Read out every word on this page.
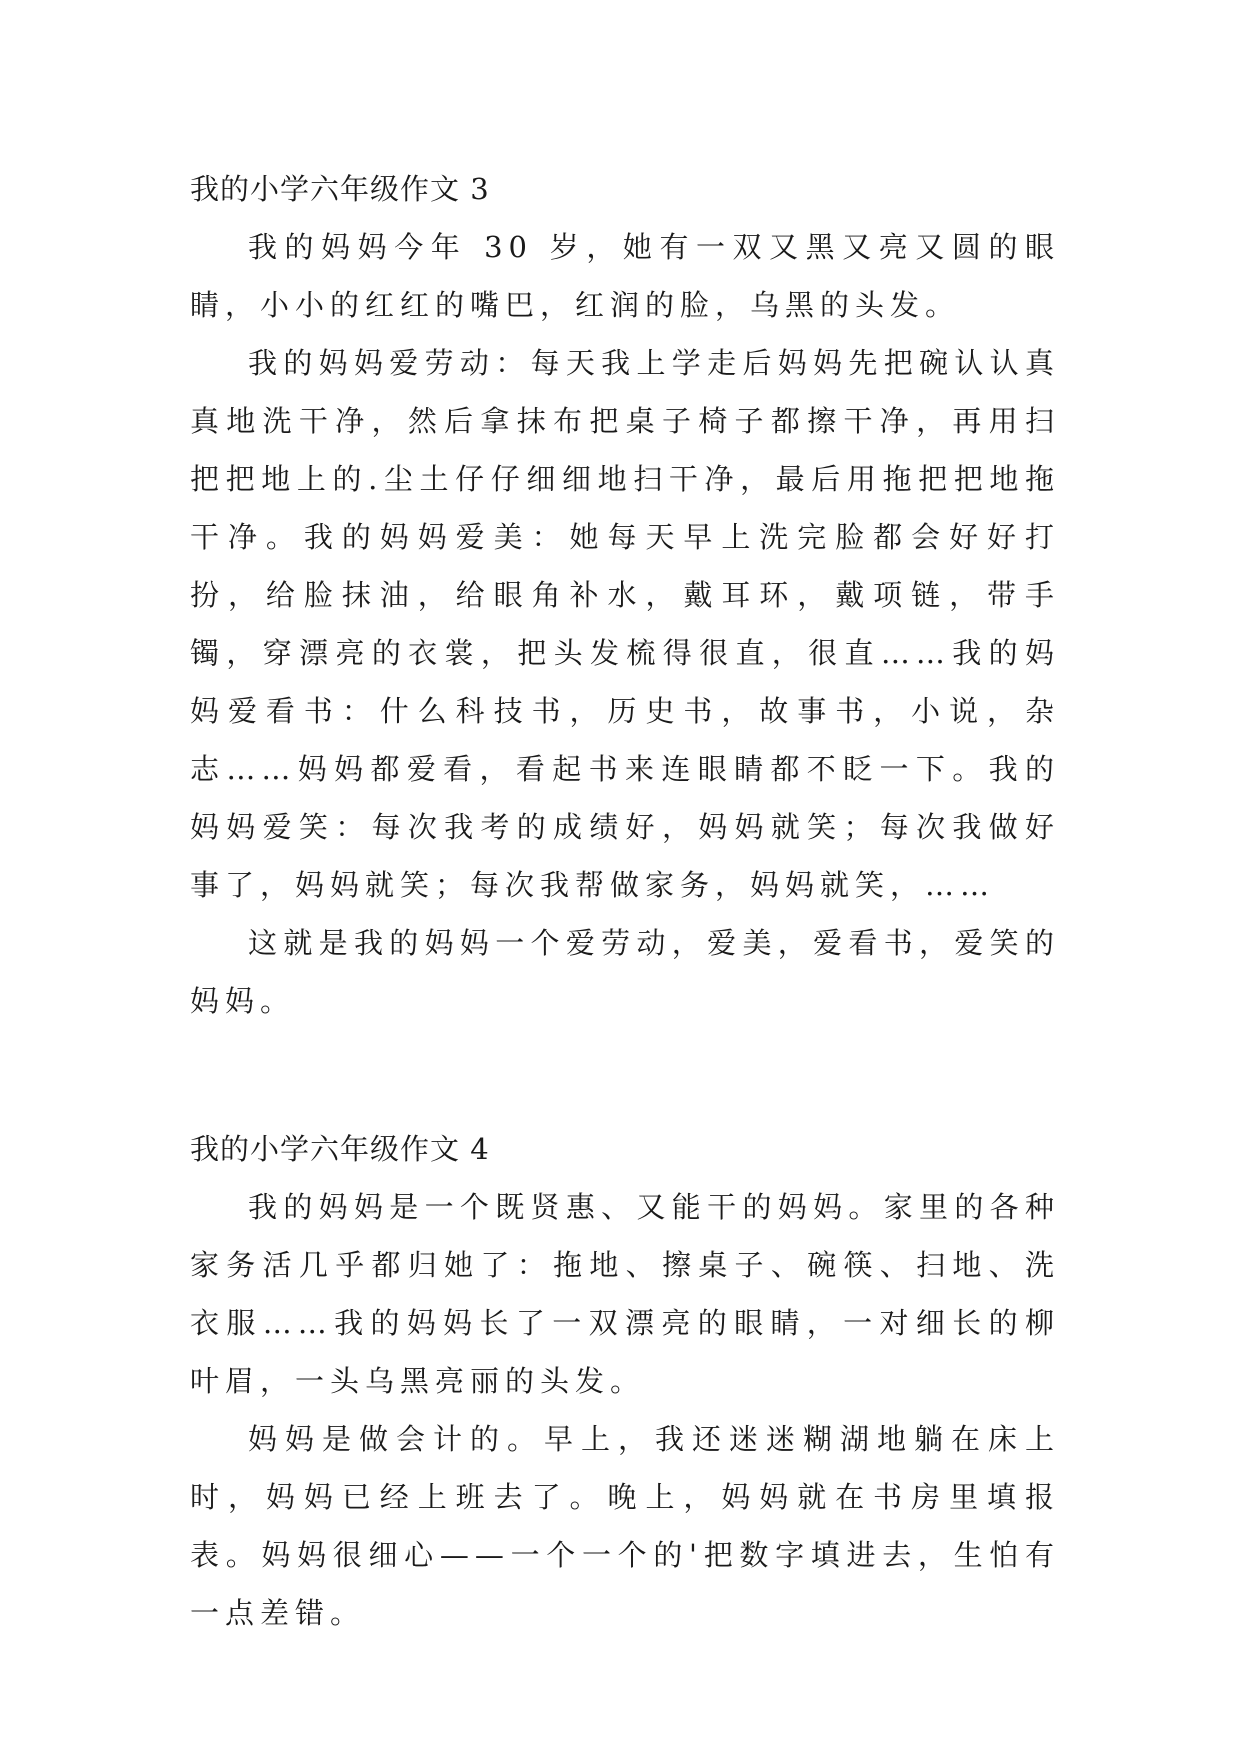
我的小学六年级作文 3

我的妈妈今年 30 岁，她有一双又黑又亮又圆的眼睛，小小的红红的嘴巴，红润的脸，乌黑的头发。

我的妈妈爱劳动：每天我上学走后妈妈先把碗认认真真地洗干净，然后拿抹布把桌子椅子都擦干净，再用扫把把地上的.尘土仔仔细细地扫干净，最后用拖把把地拖干净。我的妈妈爱美：她每天早上洗完脸都会好好打扮，给脸抹油，给眼角补水，戴耳环，戴项链，带手镯，穿漂亮的衣裳，把头发梳得很直，很直……我的妈妈爱看书：什么科技书，历史书，故事书，小说，杂志……妈妈都爱看，看起书来连眼睛都不眨一下。我的妈妈爱笑：每次我考的成绩好，妈妈就笑；每次我做好事了，妈妈就笑；每次我帮做家务，妈妈就笑，……

这就是我的妈妈一个爱劳动，爱美，爱看书，爱笑的妈妈。

我的小学六年级作文 4

我的妈妈是一个既贤惠、又能干的妈妈。家里的各种家务活几乎都归她了：拖地、擦桌子、碗筷、扫地、洗衣服……我的妈妈长了一双漂亮的眼睛，一对细长的柳叶眉，一头乌黑亮丽的头发。

妈妈是做会计的。早上，我还迷迷糊湖地躺在床上时，妈妈已经上班去了。晚上，妈妈就在书房里填报表。妈妈很细心——一个一个的'把数字填进去，生怕有一点差错。
